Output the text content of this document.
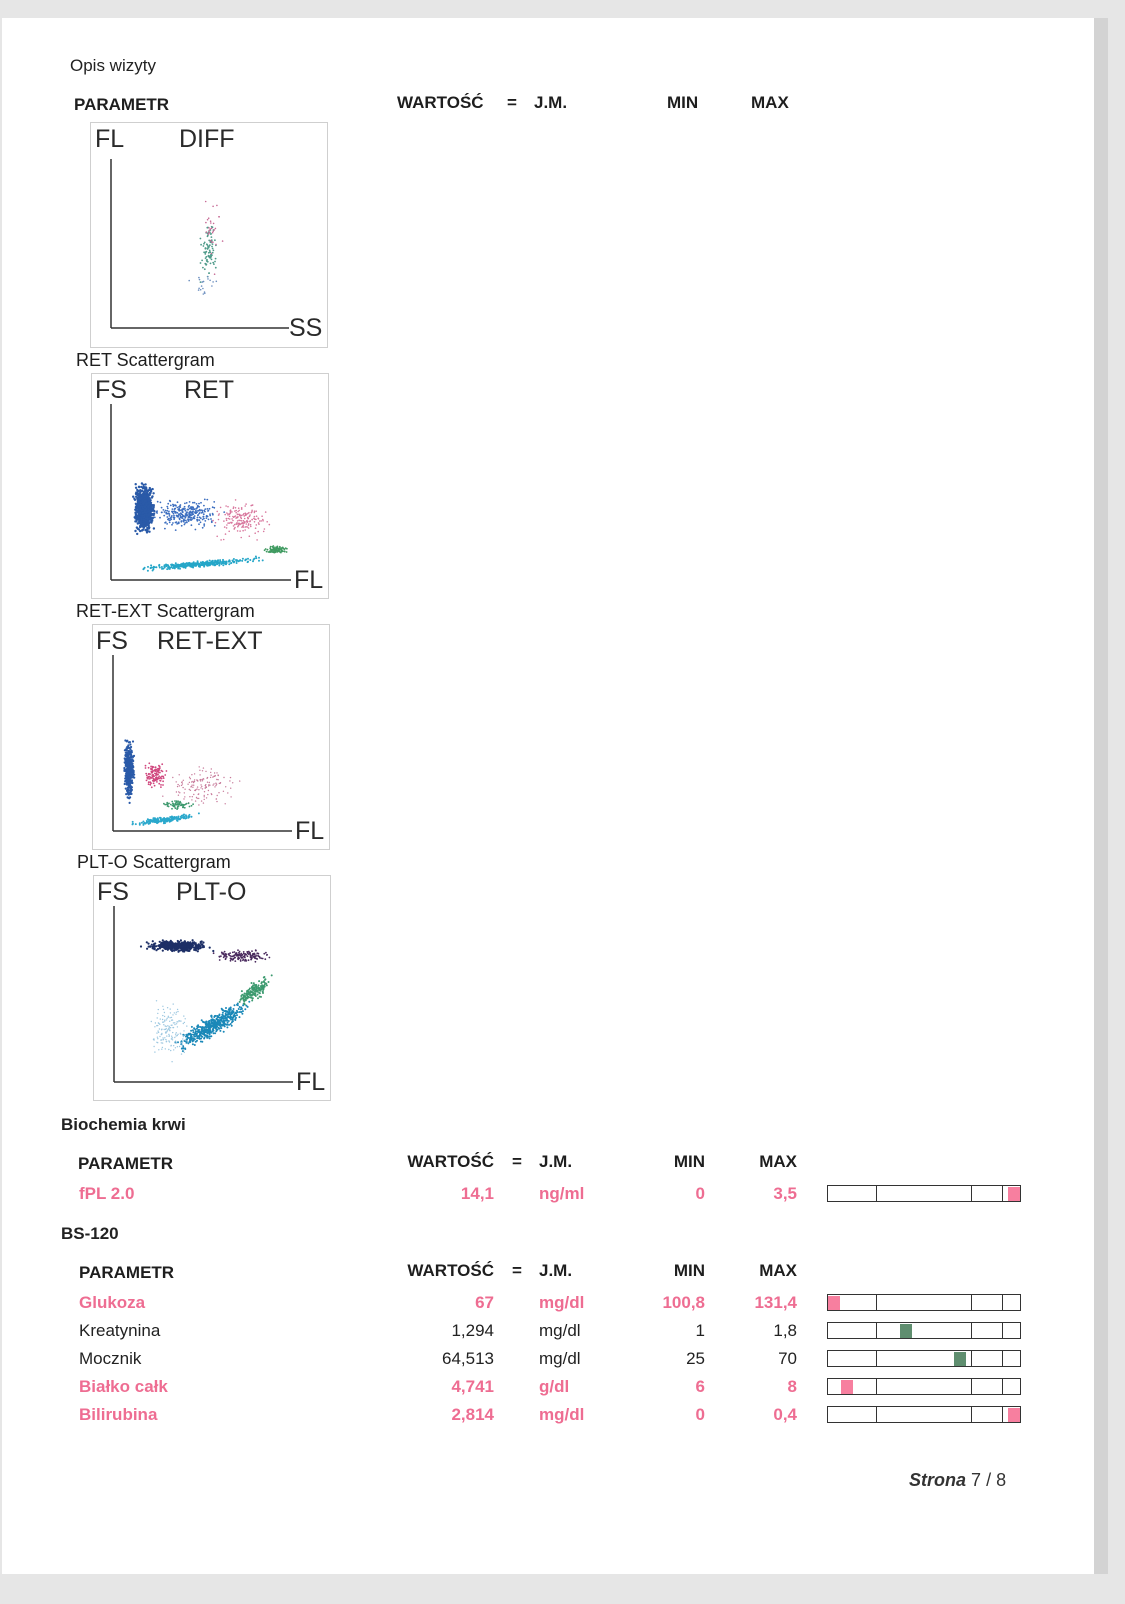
Opis wizyty
PARAMETR	WARTOŚĆ = J.M.	MIN	MAX
FL DIFF
SS
RET Scattergram
FS RET
FL
RET-EXT Scattergram
FS RET-EXT
FL
PLT-O Scattergram
FS PLT-O
FL
Biochemia krwi
PARAMETR	WARTOŚĆ = J.M.	MIN	MAX
fPL 2.0	14,1	ng/ml	0	3,5
BS-120
PARAMETR	WARTOŚĆ = J.M.	MIN	MAX
Glukoza	67	mg/dl	100,8	131,4
Kreatynina	1,294	mg/dl	1	1,8
Mocznik	64,513	mg/dl	25	70
Białko całk	4,741	g/dl	6	8
Bilirubina	2,814	mg/dl	0	0,4
Strona 7 / 8
